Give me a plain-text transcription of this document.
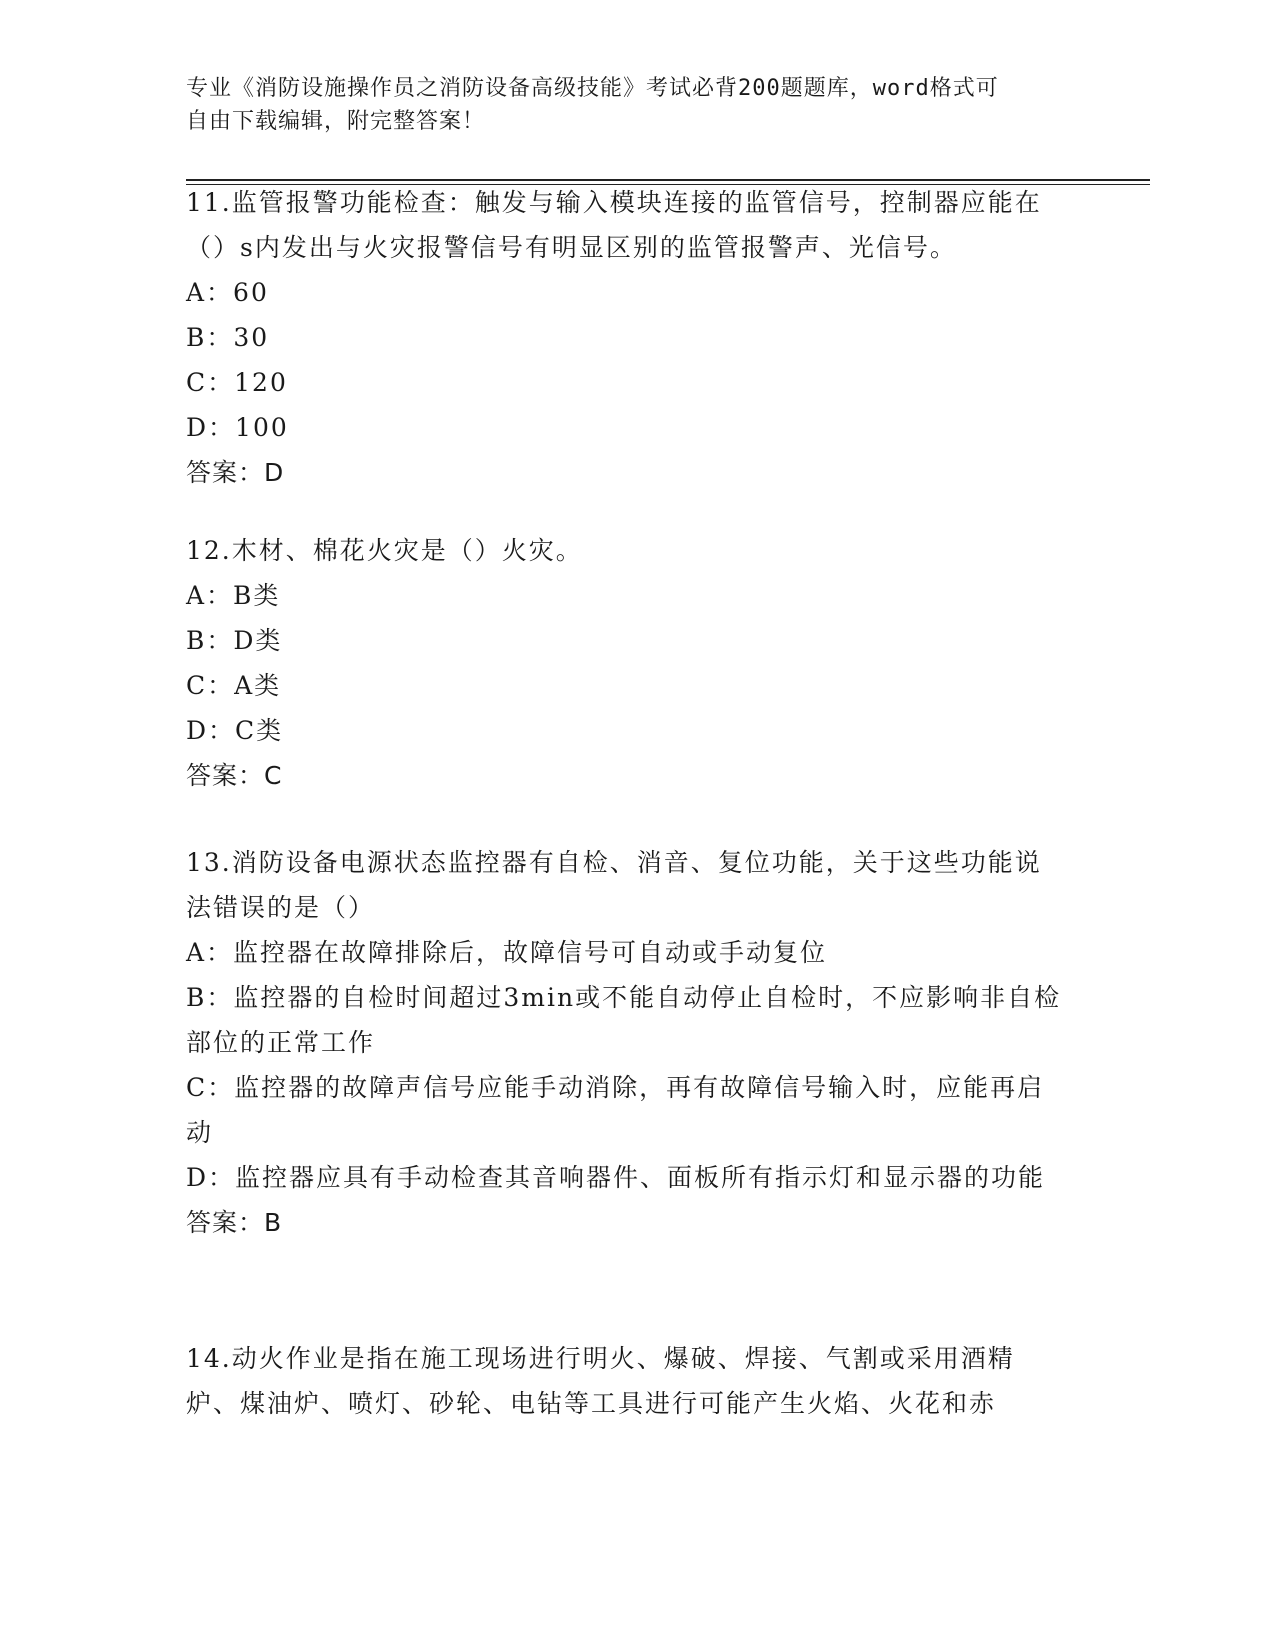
专业《消防设施操作员之消防设备高级技能》考试必背200题题库，word格式可
自由下载编辑，附完整答案！

11.监管报警功能检查：触发与输入模块连接的监管信号，控制器应能在（）s内发出与火灾报警信号有明显区别的监管报警声、光信号。

A：60

B：30

C：120

D：100

答案：D

12.木材、棉花火灾是（）火灾。

A：B类

B：D类

C：A类

D：C类

答案：C

13.消防设备电源状态监控器有自检、消音、复位功能，关于这些功能说法错误的是（）

A：监控器在故障排除后，故障信号可自动或手动复位

B：监控器的自检时间超过3min或不能自动停止自检时，不应影响非自检部位的正常工作

C：监控器的故障声信号应能手动消除，再有故障信号输入时，应能再启动

D：监控器应具有手动检查其音响器件、面板所有指示灯和显示器的功能

答案：B

14.动火作业是指在施工现场进行明火、爆破、焊接、气割或采用酒精炉、煤油炉、喷灯、砂轮、电钻等工具进行可能产生火焰、火花和赤
